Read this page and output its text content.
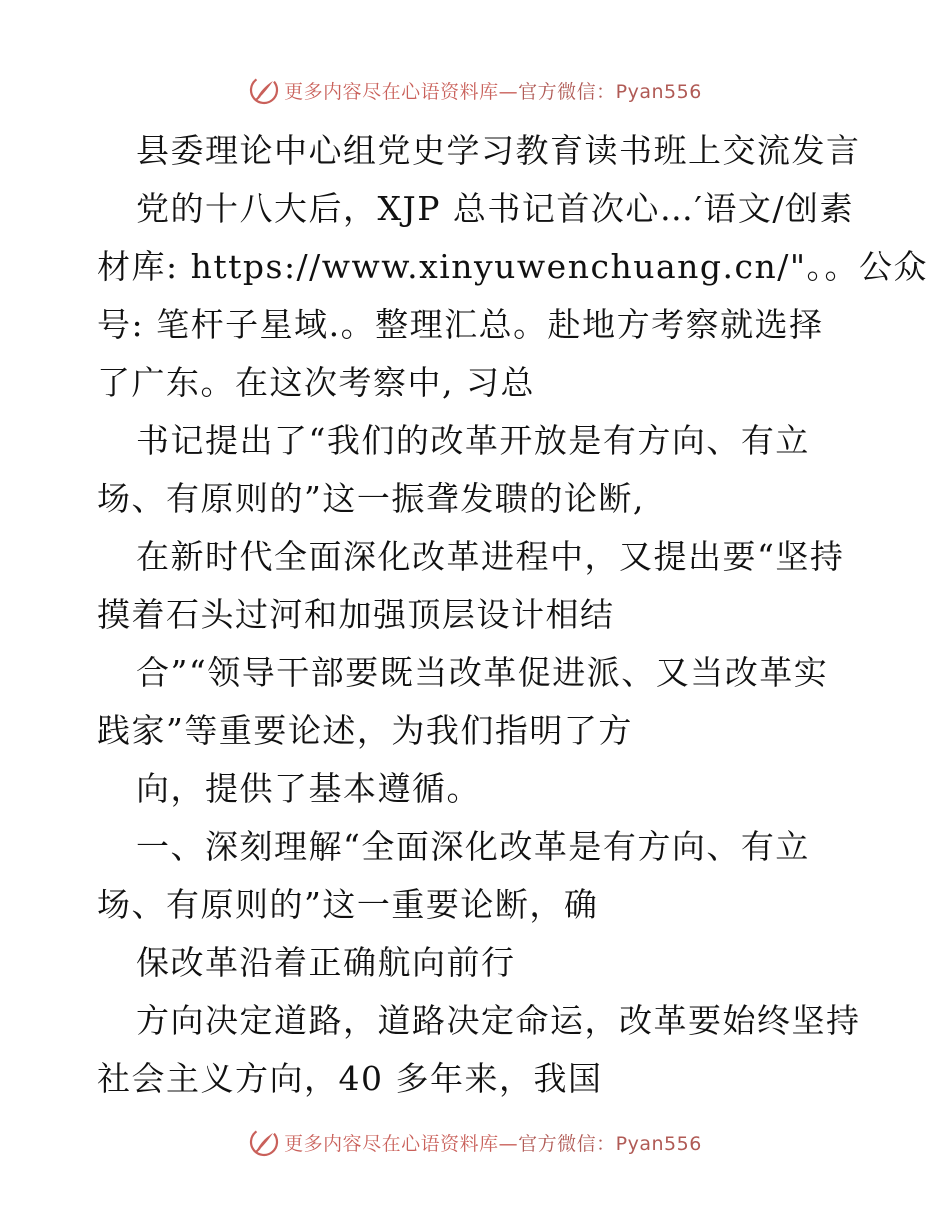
更多内容尽在心语资料库—官方微信：Pyan556
县委理论中心组党史学习教育读书班上交流发言
党的十八大后，XJP 总书记首次心…′语文/创素
材库: https://www.xinyuwenchuang.cn/"。。公众
号: 笔杆子星域.。整理汇总。赴地方考察就选择
了广东。在这次考察中, 习总
书记提出了“我们的改革开放是有方向、有立
场、有原则的”这一振聋发聩的论断,
在新时代全面深化改革进程中，又提出要“坚持
摸着石头过河和加强顶层设计相结
合”“领导干部要既当改革促进派、又当改革实
践家”等重要论述，为我们指明了方
向，提供了基本遵循。
一、深刻理解“全面深化改革是有方向、有立
场、有原则的”这一重要论断，确
保改革沿着正确航向前行
方向决定道路，道路决定命运，改革要始终坚持
社会主义方向，40 多年来，我国
更多内容尽在心语资料库—官方微信：Pyan556
